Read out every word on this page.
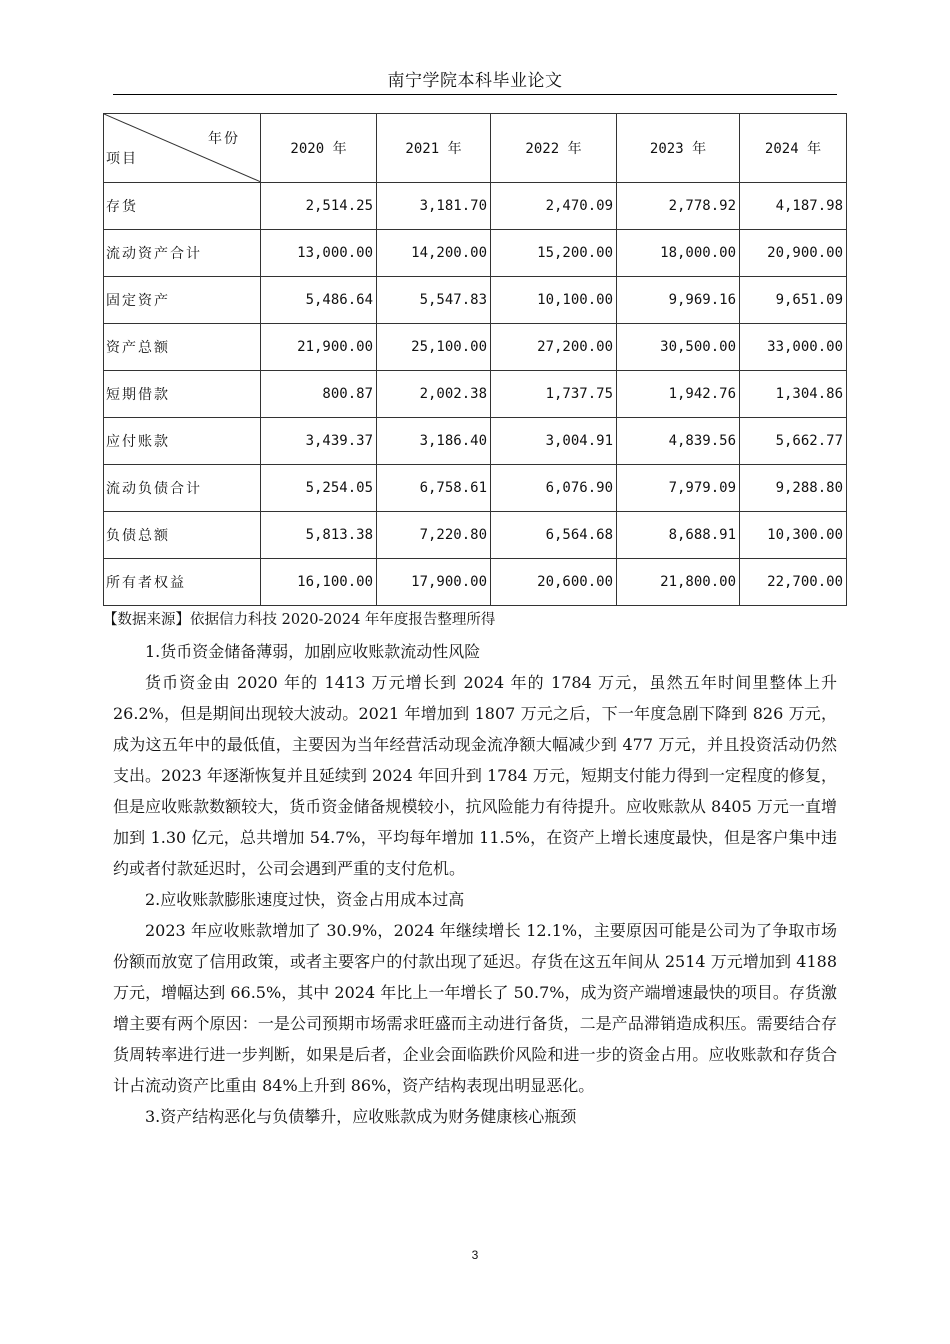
南宁学院本科毕业论文
年份
项目	2020 年	2021 年	2022 年	2023 年	2024 年
存货	2,514.25	3,181.70	2,470.09	2,778.92	4,187.98
流动资产合计	13,000.00	14,200.00	15,200.00	18,000.00	20,900.00
固定资产	5,486.64	5,547.83	10,100.00	9,969.16	9,651.09
资产总额	21,900.00	25,100.00	27,200.00	30,500.00	33,000.00
短期借款	800.87	2,002.38	1,737.75	1,942.76	1,304.86
应付账款	3,439.37	3,186.40	3,004.91	4,839.56	5,662.77
流动负债合计	5,254.05	6,758.61	6,076.90	7,979.09	9,288.80
负债总额	5,813.38	7,220.80	6,564.68	8,688.91	10,300.00
所有者权益	16,100.00	17,900.00	20,600.00	21,800.00	22,700.00
【数据来源】依据信力科技 2020-2024 年年度报告整理所得

1.货币资金储备薄弱，加剧应收账款流动性风险

货币资金由 2020 年的 1413 万元增长到 2024 年的 1784 万元，虽然五年时间里整体上升 26.2%，但是期间出现较大波动。2021 年增加到 1807 万元之后，下一年度急剧下降到 826 万元，成为这五年中的最低值，主要因为当年经营活动现金流净额大幅减少到 477 万元，并且投资活动仍然支出。2023 年逐渐恢复并且延续到 2024 年回升到 1784 万元，短期支付能力得到一定程度的修复，但是应收账款数额较大，货币资金储备规模较小，抗风险能力有待提升。应收账款从 8405 万元一直增加到 1.30 亿元，总共增加 54.7%，平均每年增加 11.5%，在资产上增长速度最快，但是客户集中违约或者付款延迟时，公司会遇到严重的支付危机。

2.应收账款膨胀速度过快，资金占用成本过高

2023 年应收账款增加了 30.9%，2024 年继续增长 12.1%，主要原因可能是公司为了争取市场份额而放宽了信用政策，或者主要客户的付款出现了延迟。存货在这五年间从 2514 万元增加到 4188 万元，增幅达到 66.5%，其中 2024 年比上一年增长了 50.7%，成为资产端增速最快的项目。存货激增主要有两个原因：一是公司预期市场需求旺盛而主动进行备货，二是产品滞销造成积压。需要结合存货周转率进行进一步判断，如果是后者，企业会面临跌价风险和进一步的资金占用。应收账款和存货合计占流动资产比重由 84%上升到 86%，资产结构表现出明显恶化。

3.资产结构恶化与负债攀升，应收账款成为财务健康核心瓶颈

3
